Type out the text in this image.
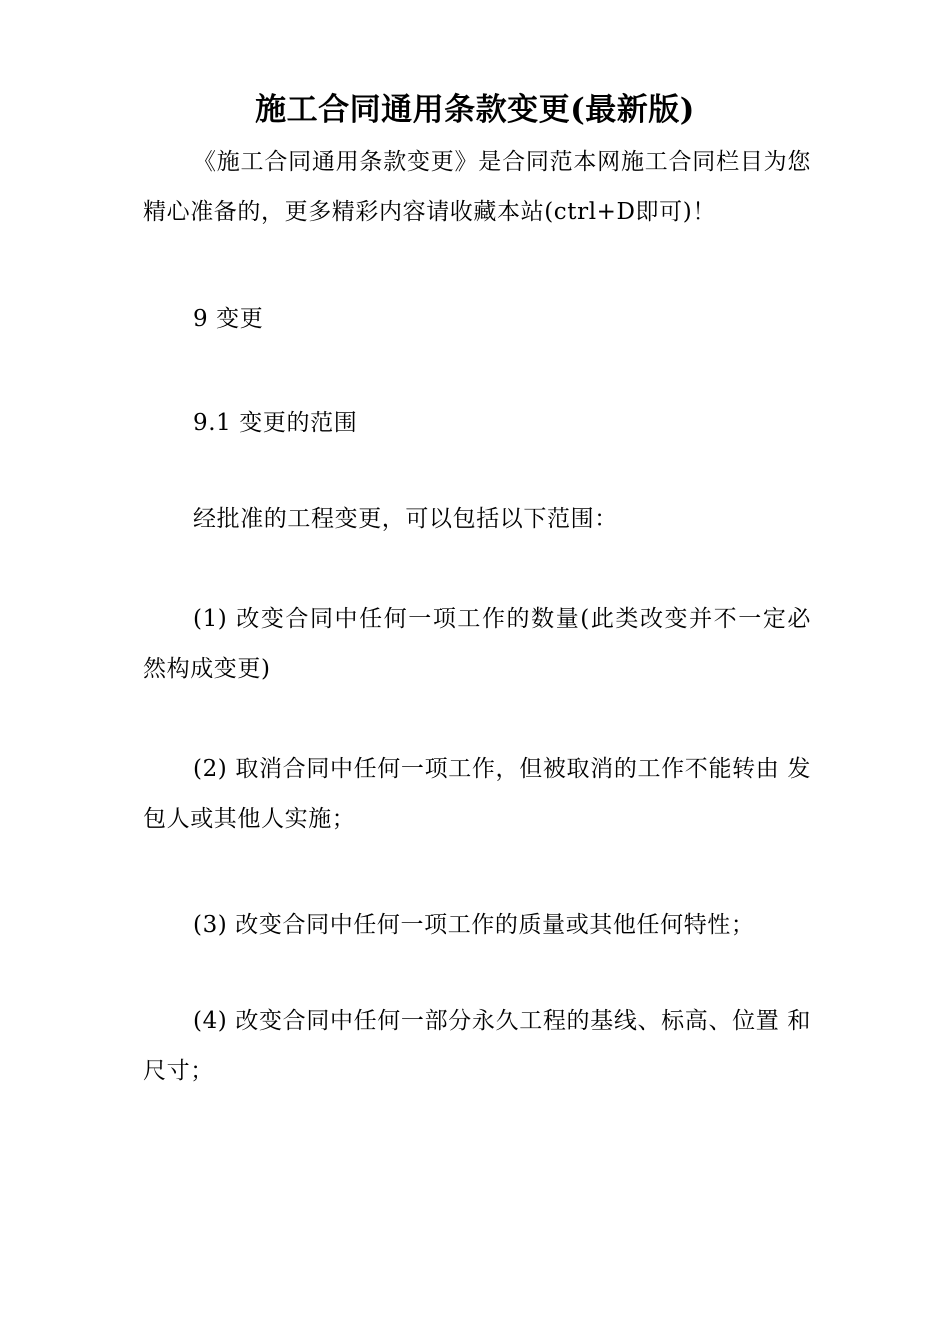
施工合同通用条款变更(最新版)
《施工合同通用条款变更》是合同范本网施工合同栏目为您精心准备的，更多精彩内容请收藏本站(ctrl+D即可)！
9 变更
9.1 变更的范围
经批准的工程变更，可以包括以下范围：
(1) 改变合同中任何一项工作的数量(此类改变并不一定必然构成变更)
(2) 取消合同中任何一项工作，但被取消的工作不能转由 发包人或其他人实施；
(3) 改变合同中任何一项工作的质量或其他任何特性；
(4) 改变合同中任何一部分永久工程的基线、标高、位置 和尺寸；
